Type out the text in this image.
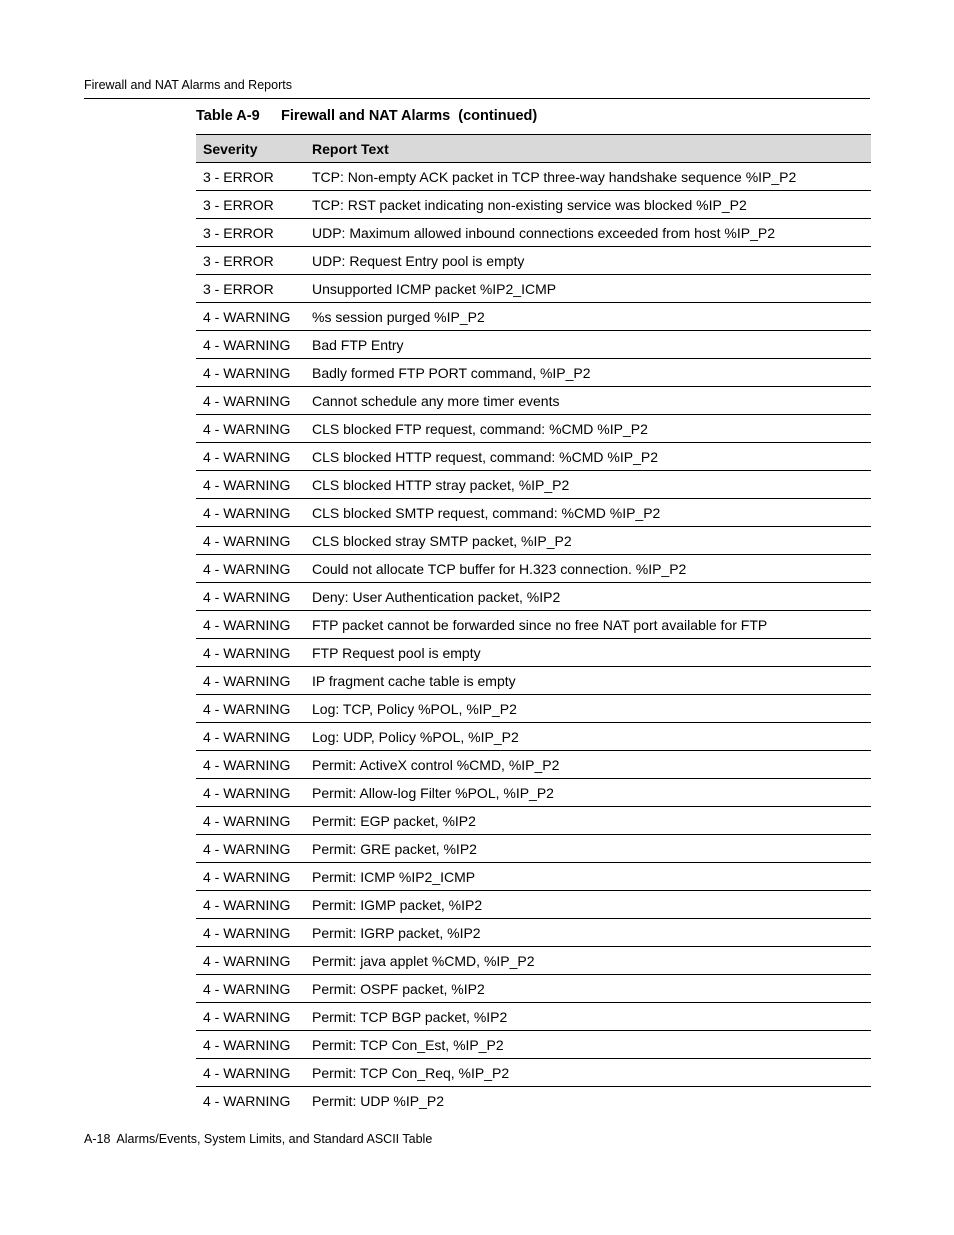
Firewall and NAT Alarms and Reports
Table A-9 Firewall and NAT Alarms  (continued)
Severity	Report Text
3 - ERROR	TCP: Non-empty ACK packet in TCP three-way handshake sequence %IP_P2
3 - ERROR	TCP: RST packet indicating non-existing service was blocked %IP_P2
3 - ERROR	UDP: Maximum allowed inbound connections exceeded from host %IP_P2
3 - ERROR	UDP: Request Entry pool is empty
3 - ERROR	Unsupported ICMP packet %IP2_ICMP
4 - WARNING	%s session purged %IP_P2
4 - WARNING	Bad FTP Entry
4 - WARNING	Badly formed FTP PORT command, %IP_P2
4 - WARNING	Cannot schedule any more timer events
4 - WARNING	CLS blocked FTP request, command: %CMD %IP_P2
4 - WARNING	CLS blocked HTTP request, command: %CMD %IP_P2
4 - WARNING	CLS blocked HTTP stray packet, %IP_P2
4 - WARNING	CLS blocked SMTP request, command: %CMD %IP_P2
4 - WARNING	CLS blocked stray SMTP packet, %IP_P2
4 - WARNING	Could not allocate TCP buffer for H.323 connection. %IP_P2
4 - WARNING	Deny: User Authentication packet, %IP2
4 - WARNING	FTP packet cannot be forwarded since no free NAT port available for FTP
4 - WARNING	FTP Request pool is empty
4 - WARNING	IP fragment cache table is empty
4 - WARNING	Log: TCP, Policy %POL, %IP_P2
4 - WARNING	Log: UDP, Policy %POL, %IP_P2
4 - WARNING	Permit: ActiveX control %CMD, %IP_P2
4 - WARNING	Permit: Allow-log Filter %POL, %IP_P2
4 - WARNING	Permit: EGP packet, %IP2
4 - WARNING	Permit: GRE packet, %IP2
4 - WARNING	Permit: ICMP %IP2_ICMP
4 - WARNING	Permit: IGMP packet, %IP2
4 - WARNING	Permit: IGRP packet, %IP2
4 - WARNING	Permit: java applet %CMD, %IP_P2
4 - WARNING	Permit: OSPF packet, %IP2
4 - WARNING	Permit: TCP BGP packet, %IP2
4 - WARNING	Permit: TCP Con_Est, %IP_P2
4 - WARNING	Permit: TCP Con_Req, %IP_P2
4 - WARNING	Permit: UDP %IP_P2
A-18 Alarms/Events, System Limits, and Standard ASCII Table
